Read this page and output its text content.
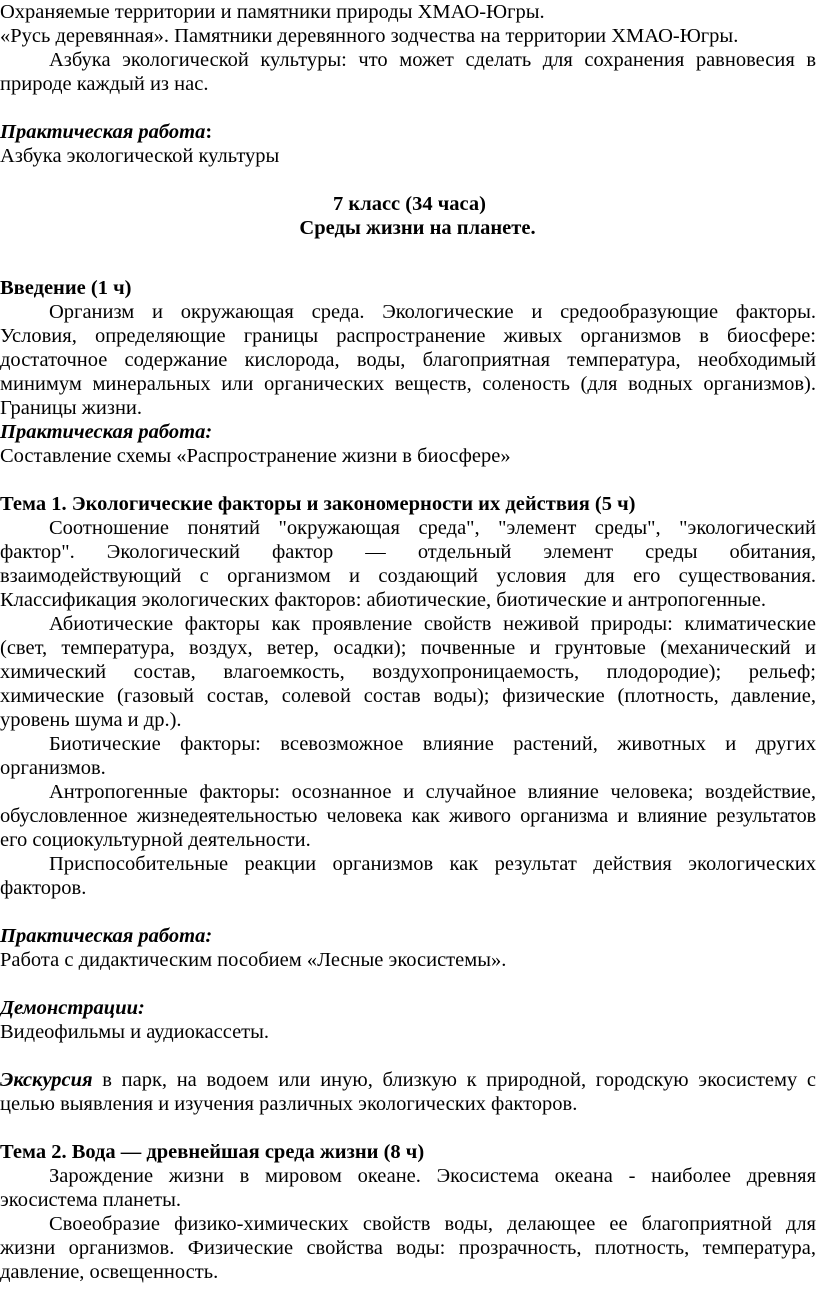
Охраняемые территории и памятники природы ХМАО-Югры.
«Русь деревянная». Памятники деревянного зодчества на территории ХМАО-Югры.
Азбука экологической культуры: что может сделать для сохранения равновесия в
природе каждый из нас.
Практическая работа:
Азбука экологической культуры
7 класс (34 часа)
Среды жизни на планете.
Введение (1 ч)
Организм и окружающая среда. Экологические и средообразующие факторы.
Условия, определяющие границы распространение живых организмов в биосфере:
достаточное содержание кислорода, воды, благоприятная температура, необходимый
минимум минеральных или органических веществ, соленость (для водных организмов).
Границы жизни.
Практическая работа:
Составление схемы «Распространение жизни в биосфере»
Тема 1. Экологические факторы и закономерности их действия (5 ч)
Соотношение понятий "окружающая среда", "элемент среды", "экологический
фактор". Экологический фактор — отдельный элемент среды обитания,
взаимодействующий с организмом и создающий условия для его существования.
Классификация экологических факторов: абиотические, биотические и антропогенные.
Абиотические факторы как проявление свойств неживой природы: климатические
(свет, температура, воздух, ветер, осадки); почвенные и грунтовые (механический и
химический состав, влагоемкость, воздухопроницаемость, плодородие); рельеф;
химические (газовый состав, солевой состав воды); физические (плотность, давление,
уровень шума и др.).
Биотические факторы: всевозможное влияние растений, животных и других
организмов.
Антропогенные факторы: осознанное и случайное влияние человека; воздействие,
обусловленное жизнедеятельностью человека как живого организма и влияние результатов
его социокультурной деятельности.
Приспособительные реакции организмов как результат действия экологических
факторов.
Практическая работа:
Работа с дидактическим пособием «Лесные экосистемы».
Демонстрации:
Видеофильмы и аудиокассеты.
Экскурсия в парк, на водоем или иную, близкую к природной, городскую экосистему с
целью выявления и изучения различных экологических факторов.
Тема 2. Вода — древнейшая среда жизни (8 ч)
Зарождение жизни в мировом океане. Экосистема океана - наиболее древняя
экосистема планеты.
Своеобразие физико-химических свойств воды, делающее ее благоприятной для
жизни организмов. Физические свойства воды: прозрачность, плотность, температура,
давление, освещенность.
